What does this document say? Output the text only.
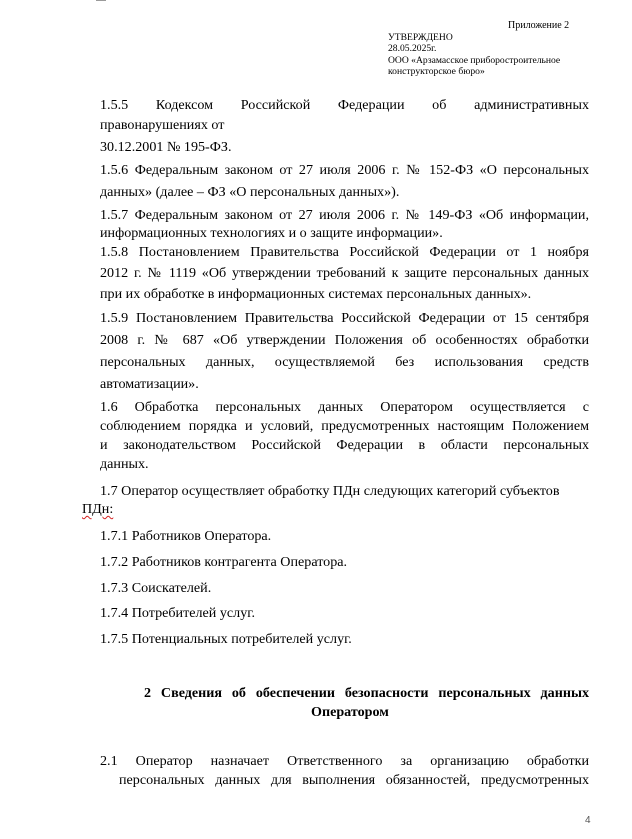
Приложение 2
УТВЕРЖДЕНО
28.05.2025г.
ООО «Арзамасское приборостроительное
конструкторское бюро»
1.5.5 Кодексом Российской Федерации об административных
правонарушениях от
30.12.2001 № 195-ФЗ.
1.5.6 Федеральным законом от 27 июля 2006 г. № 152-ФЗ «О персональных
данных» (далее – ФЗ «О персональных данных»).
1.5.7 Федеральным законом от 27 июля 2006 г. № 149-ФЗ «Об информации,
информационных технологиях и о защите информации».
1.5.8 Постановлением Правительства Российской Федерации от 1 ноября
2012 г. № 1119 «Об утверждении требований к защите персональных данных
при их обработке в информационных системах персональных данных».
1.5.9 Постановлением Правительства Российской Федерации от 15 сентября
2008 г. № 687 «Об утверждении Положения об особенностях обработки
персональных данных, осуществляемой без использования средств
автоматизации».
1.6 Обработка персональных данных Оператором осуществляется с
соблюдением порядка и условий, предусмотренных настоящим Положением
и законодательством Российской Федерации в области персональных
данных.
1.7 Оператор осуществляет обработку ПДн следующих категорий субъектов
ПДн:
1.7.1 Работников Оператора.
1.7.2 Работников контрагента Оператора.
1.7.3 Соискателей.
1.7.4 Потребителей услуг.
1.7.5 Потенциальных потребителей услуг.
2 Сведения об обеспечении безопасности персональных данных
Оператором
2.1 Оператор назначает Ответственного за организацию обработки
персональных данных для выполнения обязанностей, предусмотренных
4
